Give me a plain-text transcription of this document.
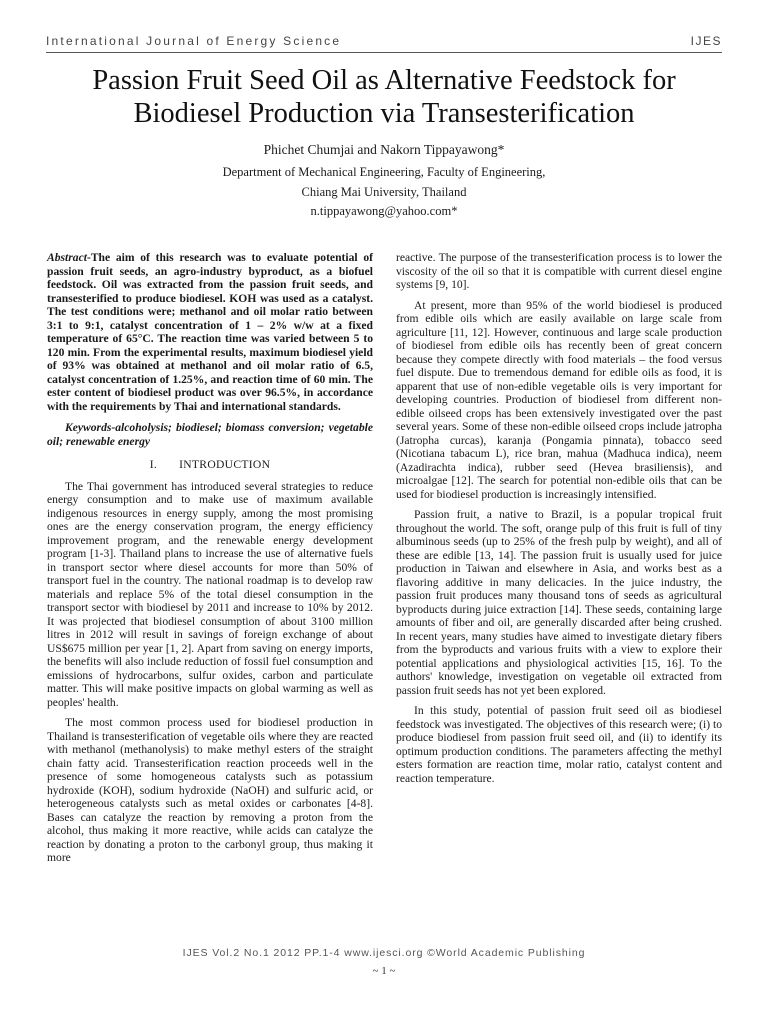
International Journal of Energy Science	IJES
Passion Fruit Seed Oil as Alternative Feedstock for Biodiesel Production via Transesterification
Phichet Chumjai and Nakorn Tippayawong*
Department of Mechanical Engineering, Faculty of Engineering,
Chiang Mai University, Thailand
n.tippayawong@yahoo.com*

Abstract-The aim of this research was to evaluate potential of passion fruit seeds, an agro-industry byproduct, as a biofuel feedstock. Oil was extracted from the passion fruit seeds, and transesterified to produce biodiesel. KOH was used as a catalyst. The test conditions were; methanol and oil molar ratio between 3:1 to 9:1, catalyst concentration of 1 – 2% w/w at a fixed temperature of 65°C. The reaction time was varied between 5 to 120 min. From the experimental results, maximum biodiesel yield of 93% was obtained at methanol and oil molar ratio of 6.5, catalyst concentration of 1.25%, and reaction time of 60 min. The ester content of biodiesel product was over 96.5%, in accordance with the requirements by Thai and international standards.

Keywords-alcoholysis; biodiesel; biomass conversion; vegetable oil; renewable energy

I. INTRODUCTION

The Thai government has introduced several strategies to reduce energy consumption and to make use of maximum available indigenous resources in energy supply, among the most promising ones are the energy conservation program, the energy efficiency improvement program, and the renewable energy development program [1-3]. Thailand plans to increase the use of alternative fuels in transport sector where diesel accounts for more than 50% of transport fuel in the country. The national roadmap is to develop raw materials and replace 5% of the total diesel consumption in the transport sector with biodiesel by 2011 and increase to 10% by 2012. It was projected that biodiesel consumption of about 3100 million litres in 2012 will result in savings of foreign exchange of about US$675 million per year [1, 2]. Apart from saving on energy imports, the benefits will also include reduction of fossil fuel consumption and emissions of hydrocarbons, sulfur oxides, carbon and particulate matter. This will make positive impacts on global warming as well as peoples' health.

The most common process used for biodiesel production in Thailand is transesterification of vegetable oils where they are reacted with methanol (methanolysis) to make methyl esters of the straight chain fatty acid. Transesterification reaction proceeds well in the presence of some homogeneous catalysts such as potassium hydroxide (KOH), sodium hydroxide (NaOH) and sulfuric acid, or heterogeneous catalysts such as metal oxides or carbonates [4-8]. Bases can catalyze the reaction by removing a proton from the alcohol, thus making it more reactive, while acids can catalyze the reaction by donating a proton to the carbonyl group, thus making it more

reactive. The purpose of the transesterification process is to lower the viscosity of the oil so that it is compatible with current diesel engine systems [9, 10].

At present, more than 95% of the world biodiesel is produced from edible oils which are easily available on large scale from agriculture [11, 12]. However, continuous and large scale production of biodiesel from edible oils has recently been of great concern because they compete directly with food materials – the food versus fuel dispute. Due to tremendous demand for edible oils as food, it is apparent that use of non-edible vegetable oils is very important for developing countries. Production of biodiesel from different non-edible oilseed crops has been extensively investigated over the past several years. Some of these non-edible oilseed crops include jatropha (Jatropha curcas), karanja (Pongamia pinnata), tobacco seed (Nicotiana tabacum L), rice bran, mahua (Madhuca indica), neem (Azadirachta indica), rubber seed (Hevea brasiliensis), and microalgae [12]. The search for potential non-edible oils that can be used for biodiesel production is increasingly intensified.

Passion fruit, a native to Brazil, is a popular tropical fruit throughout the world. The soft, orange pulp of this fruit is full of tiny albuminous seeds (up to 25% of the fresh pulp by weight), and all of these are edible [13, 14]. The passion fruit is usually used for juice production in Taiwan and elsewhere in Asia, and works best as a flavoring additive in many delicacies. In the juice industry, the passion fruit produces many thousand tons of seeds as agricultural byproducts during juice extraction [14]. These seeds, containing large amounts of fiber and oil, are generally discarded after being crushed. In recent years, many studies have aimed to investigate dietary fibers from the byproducts and various fruits with a view to explore their potential applications and physiological activities [15, 16]. To the authors' knowledge, investigation on vegetable oil extracted from passion fruit seeds has not yet been explored.

In this study, potential of passion fruit seed oil as biodiesel feedstock was investigated. The objectives of this research were; (i) to produce biodiesel from passion fruit seed oil, and (ii) to identify its optimum production conditions. The parameters affecting the methyl esters formation are reaction time, molar ratio, catalyst content and reaction temperature.

IJES Vol.2 No.1 2012 PP.1-4 www.ijesci.org ©World Academic Publishing
~ 1 ~
